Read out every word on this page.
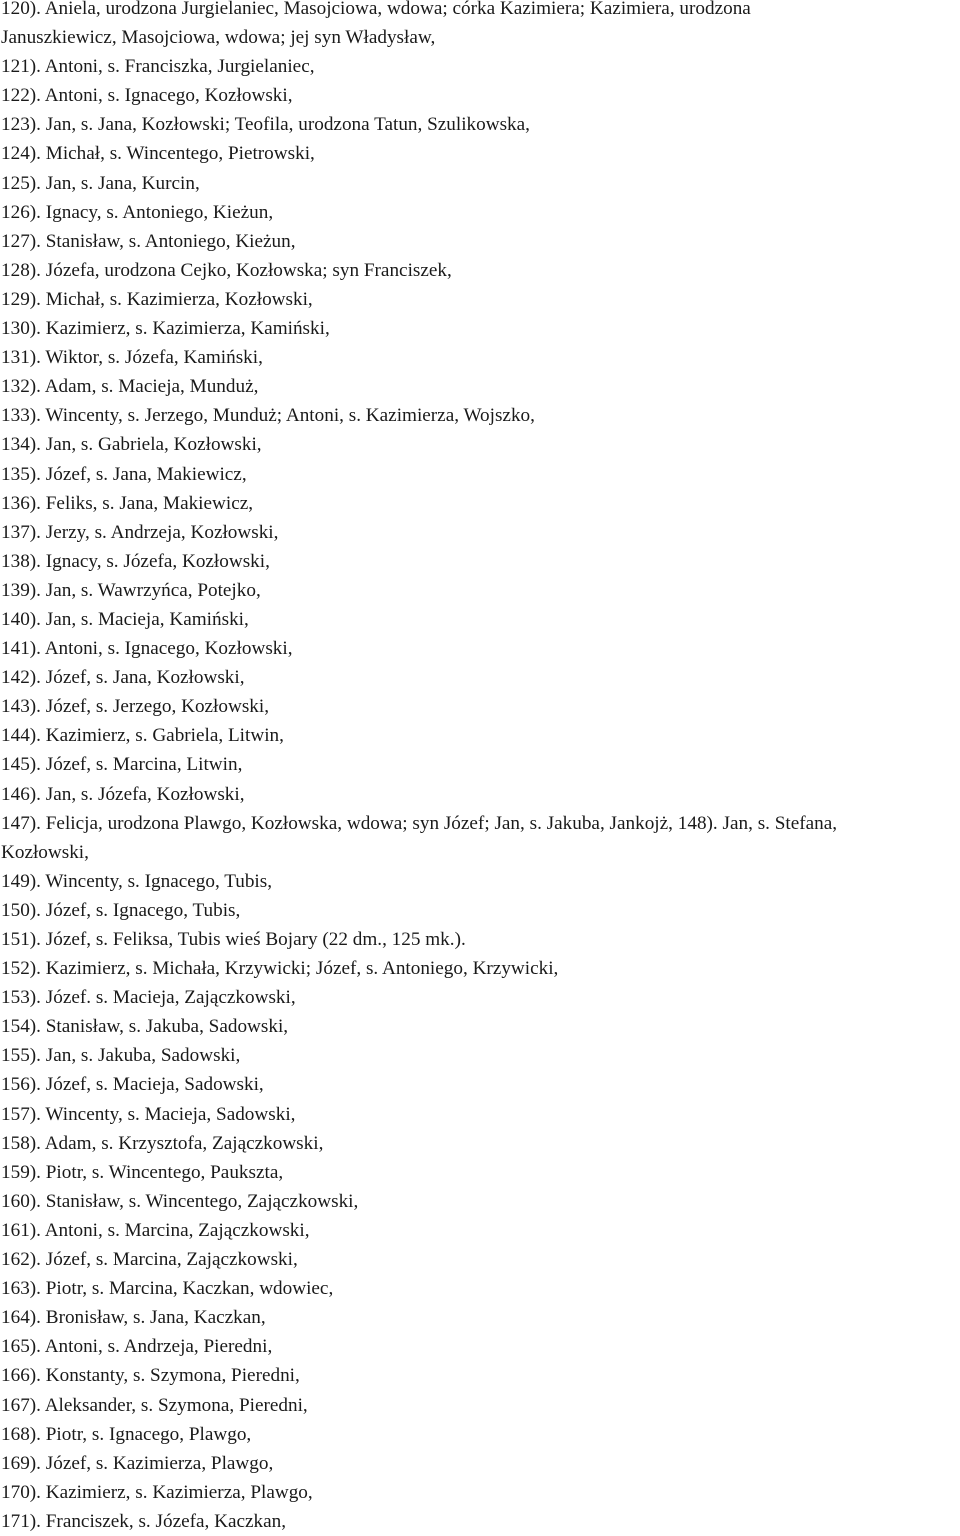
120). Aniela, urodzona Jurgielaniec, Masojciowa, wdowa; córka Kazimiera; Kazimiera, urodzona

Januszkiewicz, Masojciowa, wdowa; jej syn Władysław,

121). Antoni, s. Franciszka, Jurgielaniec,

122). Antoni, s. Ignacego, Kozłowski,

123). Jan, s. Jana, Kozłowski; Teofila, urodzona Tatun, Szulikowska,

124). Michał, s. Wincentego, Pietrowski,

125). Jan, s. Jana, Kurcin,

126). Ignacy, s. Antoniego, Kieżun,

127). Stanisław, s. Antoniego, Kieżun,

128). Józefa, urodzona Cejko, Kozłowska; syn Franciszek,

129). Michał, s. Kazimierza, Kozłowski,

130). Kazimierz, s. Kazimierza, Kamiński,

131). Wiktor, s. Józefa, Kamiński,

132). Adam, s. Macieja, Munduż,

133). Wincenty, s. Jerzego, Munduż; Antoni, s. Kazimierza, Wojszko,

134). Jan, s. Gabriela, Kozłowski,

135). Józef, s. Jana, Makiewicz,

136). Feliks, s. Jana, Makiewicz,

137). Jerzy, s. Andrzeja, Kozłowski,

138). Ignacy, s. Józefa, Kozłowski,

139). Jan, s. Wawrzyńca, Potejko,

140). Jan, s. Macieja, Kamiński,

141). Antoni, s. Ignacego, Kozłowski,

142). Józef, s. Jana, Kozłowski,

143). Józef, s. Jerzego, Kozłowski,

144). Kazimierz, s. Gabriela, Litwin,

145). Józef, s. Marcina, Litwin,

146). Jan, s. Józefa, Kozłowski,

147). Felicja, urodzona Plawgo, Kozłowska, wdowa; syn Józef; Jan, s. Jakuba, Jankojż, 148). Jan, s. Stefana,

Kozłowski,

149). Wincenty, s. Ignacego, Tubis,

150). Józef, s. Ignacego, Tubis,

151). Józef, s. Feliksa, Tubis wieś Bojary (22 dm., 125 mk.).

152). Kazimierz, s. Michała, Krzywicki; Józef, s. Antoniego, Krzywicki,

153). Józef. s. Macieja, Zajączkowski,

154). Stanisław, s. Jakuba, Sadowski,

155). Jan, s. Jakuba, Sadowski,

156). Józef, s. Macieja, Sadowski,

157). Wincenty, s. Macieja, Sadowski,

158). Adam, s. Krzysztofa, Zajączkowski,

159). Piotr, s. Wincentego, Paukszta,

160). Stanisław, s. Wincentego, Zajączkowski,

161). Antoni, s. Marcina, Zajączkowski,

162). Józef, s. Marcina, Zajączkowski,

163). Piotr, s. Marcina, Kaczkan, wdowiec,

164). Bronisław, s. Jana, Kaczkan,

165). Antoni, s. Andrzeja, Pieredni,

166). Konstanty, s. Szymona, Pieredni,

167). Aleksander, s. Szymona, Pieredni,

168). Piotr, s. Ignacego, Plawgo,

169). Józef, s. Kazimierza, Plawgo,

170). Kazimierz, s. Kazimierza, Plawgo,

171). Franciszek, s. Józefa, Kaczkan,
